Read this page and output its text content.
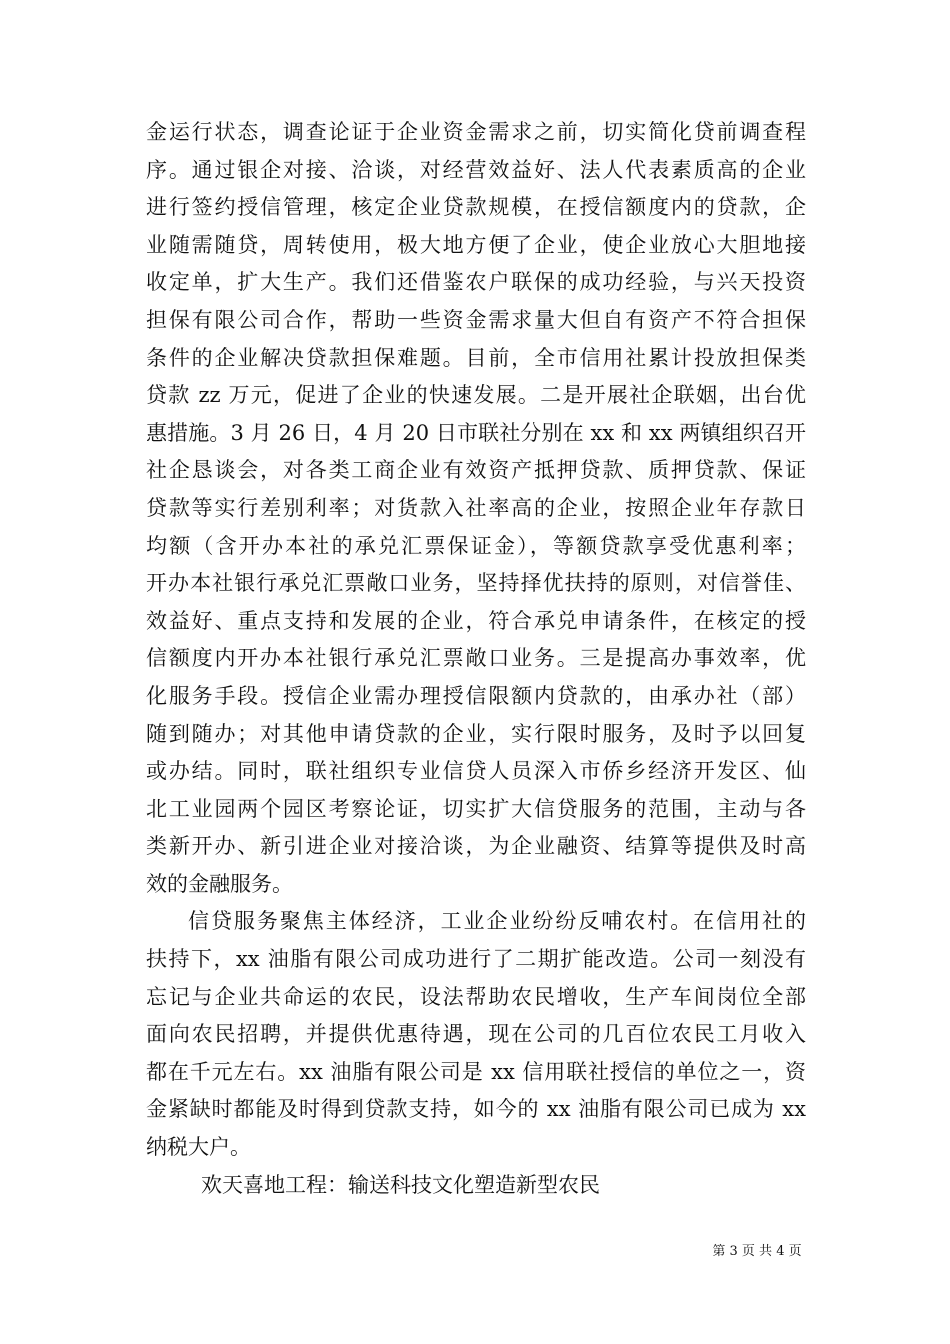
金运行状态，调查论证于企业资金需求之前，切实简化贷前调查程
序。通过银企对接、洽谈，对经营效益好、法人代表素质高的企业
进行签约授信管理，核定企业贷款规模，在授信额度内的贷款，企
业随需随贷，周转使用，极大地方便了企业，使企业放心大胆地接
收定单，扩大生产。我们还借鉴农户联保的成功经验，与兴天投资
担保有限公司合作，帮助一些资金需求量大但自有资产不符合担保
条件的企业解决贷款担保难题。目前，全市信用社累计投放担保类
贷款 zz 万元，促进了企业的快速发展。二是开展社企联姻，出台优
惠措施。3 月 26 日，4 月 20 日市联社分别在 xx 和 xx 两镇组织召开
社企恳谈会，对各类工商企业有效资产抵押贷款、质押贷款、保证
贷款等实行差别利率；对货款入社率高的企业，按照企业年存款日
均额（含开办本社的承兑汇票保证金），等额贷款享受优惠利率；
开办本社银行承兑汇票敞口业务，坚持择优扶持的原则，对信誉佳、
效益好、重点支持和发展的企业，符合承兑申请条件，在核定的授
信额度内开办本社银行承兑汇票敞口业务。三是提高办事效率，优
化服务手段。授信企业需办理授信限额内贷款的，由承办社（部）
随到随办；对其他申请贷款的企业，实行限时服务，及时予以回复
或办结。同时，联社组织专业信贷人员深入市侨乡经济开发区、仙
北工业园两个园区考察论证，切实扩大信贷服务的范围，主动与各
类新开办、新引进企业对接洽谈，为企业融资、结算等提供及时高
效的金融服务。
信贷服务聚焦主体经济，工业企业纷纷反哺农村。在信用社的
扶持下，xx 油脂有限公司成功进行了二期扩能改造。公司一刻没有
忘记与企业共命运的农民，设法帮助农民增收，生产车间岗位全部
面向农民招聘，并提供优惠待遇，现在公司的几百位农民工月收入
都在千元左右。xx 油脂有限公司是 xx 信用联社授信的单位之一，资
金紧缺时都能及时得到贷款支持，如今的 xx 油脂有限公司已成为 xx
纳税大户。
欢天喜地工程：输送科技文化塑造新型农民
第 3 页 共 4 页
